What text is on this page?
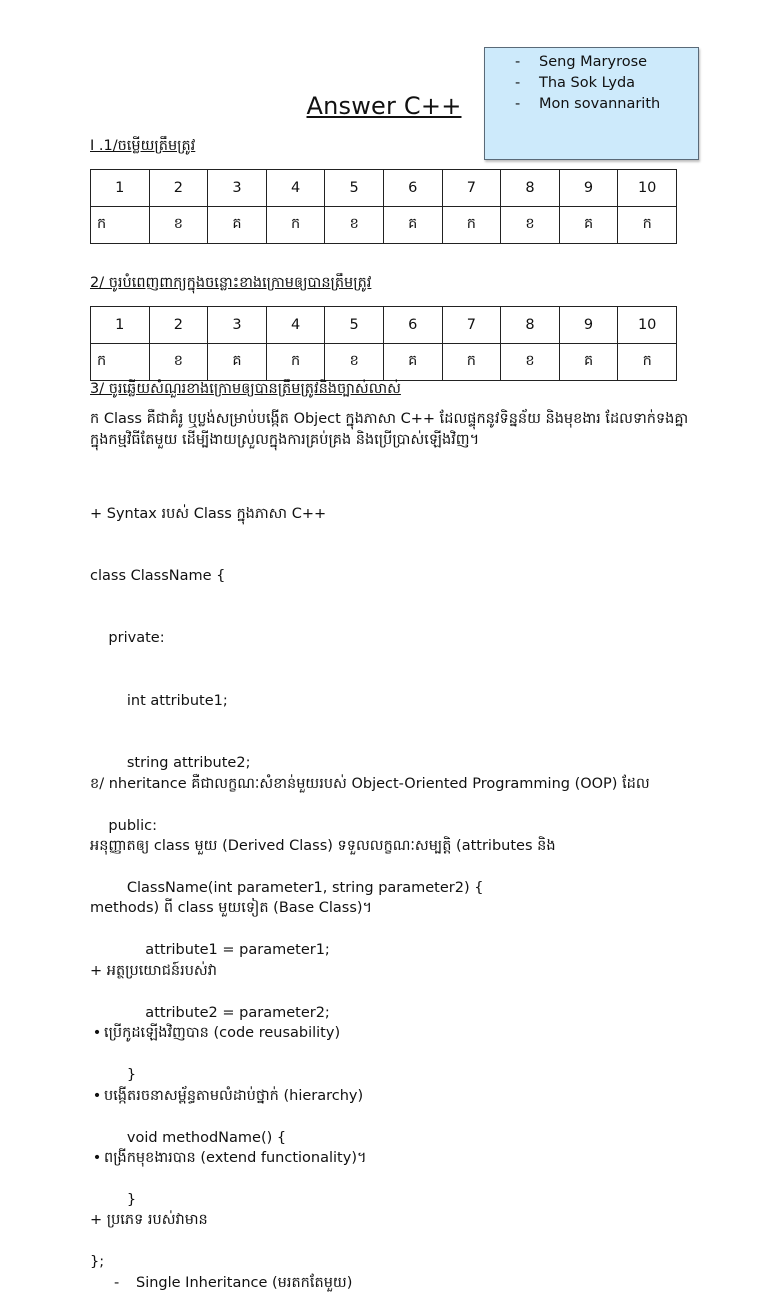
Answer C++
- Seng Maryrose
- Tha Sok Lyda
- Mon sovannarith
I .1/ចម្លើយត្រឹមត្រូវ
1	2	3	4	5	6	7	8	9	10
ក	ខ	គ	ក	ខ	គ	ក	ខ	គ	ក
2/ ចូរបំពេញពាក្យក្នុងចន្លោះខាងក្រោមឲ្យបានត្រឹមត្រូវ
1	2	3	4	5	6	7	8	9	10
ក	ខ	គ	ក	ខ	គ	ក	ខ	គ	ក
3/ ចូរឆ្លើយសំណួរខាងក្រោមឲ្យបានត្រឹមត្រូវនិងច្បាស់លាស់
ក Class គឺជាគំរូ ឬប្លង់សម្រាប់បង្កើត Object ក្នុងភាសា C++ ដែលផ្ទុកនូវទិន្នន័យ និងមុខងារ ដែលទាក់ទងគ្នា ក្នុងកម្មវិធីតែមួយ ដើម្បីងាយស្រួលក្នុងការគ្រប់គ្រង និងប្រើប្រាស់ឡើងវិញ។

+ Syntax របស់ Class ក្នុងភាសា C++

class ClassName {

private:

int attribute1;

string attribute2;

public:

ClassName(int parameter1, string parameter2) {

attribute1 = parameter1;

attribute2 = parameter2;

}

void methodName() {

}

};

ខ/ nheritance គឺជាលក្ខណៈសំខាន់មួយរបស់ Object-Oriented Programming (OOP) ដែល

អនុញ្ញាតឲ្យ class មួយ (Derived Class) ទទួលលក្ខណៈសម្បត្តិ (attributes និង

methods) ពី class មួយទៀត (Base Class)។

+ អត្ថប្រយោជន៍របស់វា

• ប្រើកូដឡើងវិញបាន (code reusability)

• បង្កើតរចនាសម្ព័ន្ធតាមលំដាប់ថ្នាក់ (hierarchy)

• ពង្រីកមុខងារបាន (extend functionality)។

+ ប្រភេទ របស់វាមាន

- Single Inheritance (មរតកតែមួយ)
